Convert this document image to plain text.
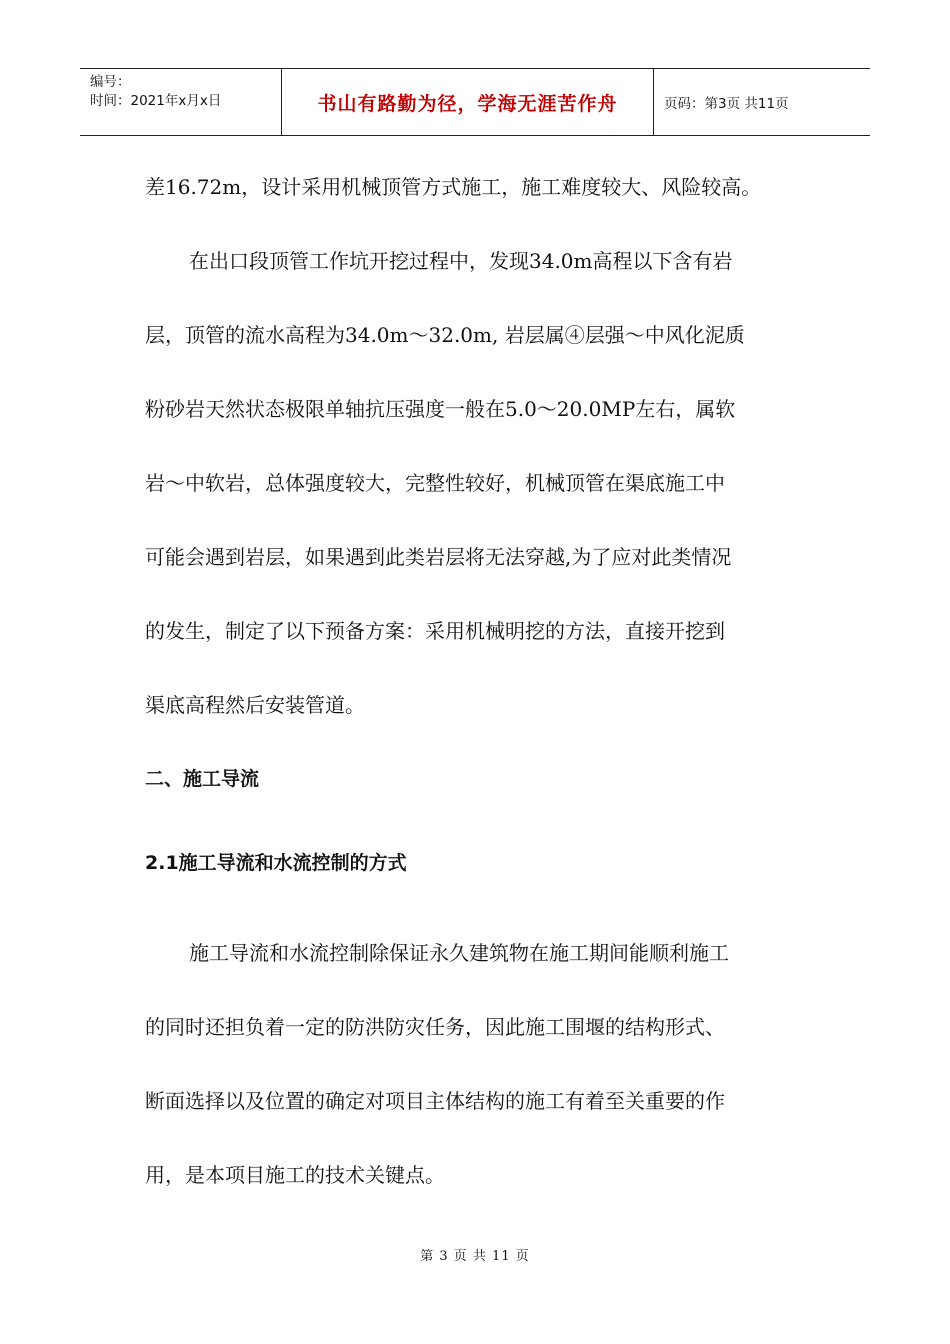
编号：
时间：2021年x月x日	书山有路勤为径，学海无涯苦作舟	页码：第3页 共11页
差16.72m，设计采用机械顶管方式施工，施工难度较大、风险较高。
在出口段顶管工作坑开挖过程中，发现34.0m高程以下含有岩
层，顶管的流水高程为34.0m～32.0m, 岩层属④层强～中风化泥质
粉砂岩天然状态极限单轴抗压强度一般在5.0～20.0MP左右，属软
岩～中软岩，总体强度较大，完整性较好，机械顶管在渠底施工中
可能会遇到岩层，如果遇到此类岩层将无法穿越,为了应对此类情况
的发生，制定了以下预备方案：采用机械明挖的方法，直接开挖到
渠底高程然后安装管道。
二、施工导流
2.1施工导流和水流控制的方式
施工导流和水流控制除保证永久建筑物在施工期间能顺利施工
的同时还担负着一定的防洪防灾任务，因此施工围堰的结构形式、
断面选择以及位置的确定对项目主体结构的施工有着至关重要的作
用，是本项目施工的技术关键点。
第 3 页 共 11 页
